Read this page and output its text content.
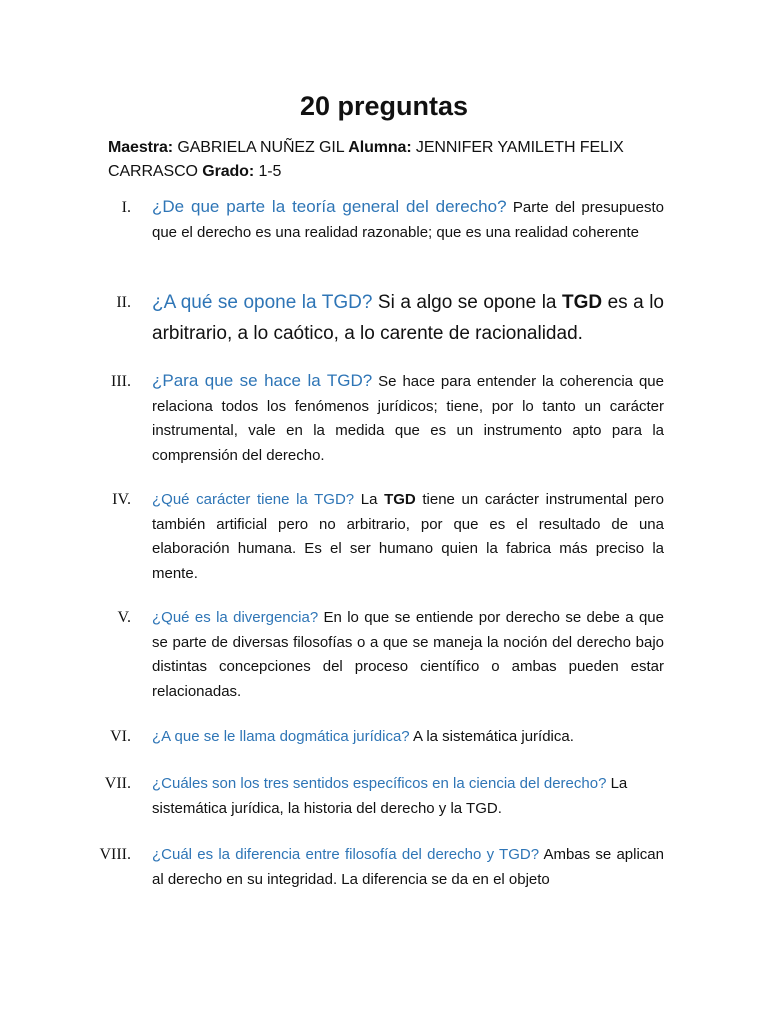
20 preguntas
Maestra: GABRIELA NUÑEZ GIL Alumna: JENNIFER YAMILETH FELIX CARRASCO Grado: 1-5
I. ¿De que parte la teoría general del derecho? Parte del presupuesto que el derecho es una realidad razonable; que es una realidad coherente
II. ¿A qué se opone la TGD? Si a algo se opone la TGD es a lo arbitrario, a lo caótico, a lo carente de racionalidad.
III. ¿Para que se hace la TGD? Se hace para entender la coherencia que relaciona todos los fenómenos jurídicos; tiene, por lo tanto un carácter instrumental, vale en la medida que es un instrumento apto para la comprensión del derecho.
IV. ¿Qué carácter tiene la TGD? La TGD tiene un carácter instrumental pero también artificial pero no arbitrario, por que es el resultado de una elaboración humana. Es el ser humano quien la fabrica más preciso la mente.
V. ¿Qué es la divergencia? En lo que se entiende por derecho se debe a que se parte de diversas filosofías o a que se maneja la noción del derecho bajo distintas concepciones del proceso científico o ambas pueden estar relacionadas.
VI. ¿A que se le llama dogmática jurídica? A la sistemática jurídica.
VII. ¿Cuáles son los tres sentidos específicos en la ciencia del derecho? La sistemática jurídica, la historia del derecho y la TGD.
VIII. ¿Cuál es la diferencia entre filosofía del derecho y TGD? Ambas se aplican al derecho en su integridad. La diferencia se da en el objeto
